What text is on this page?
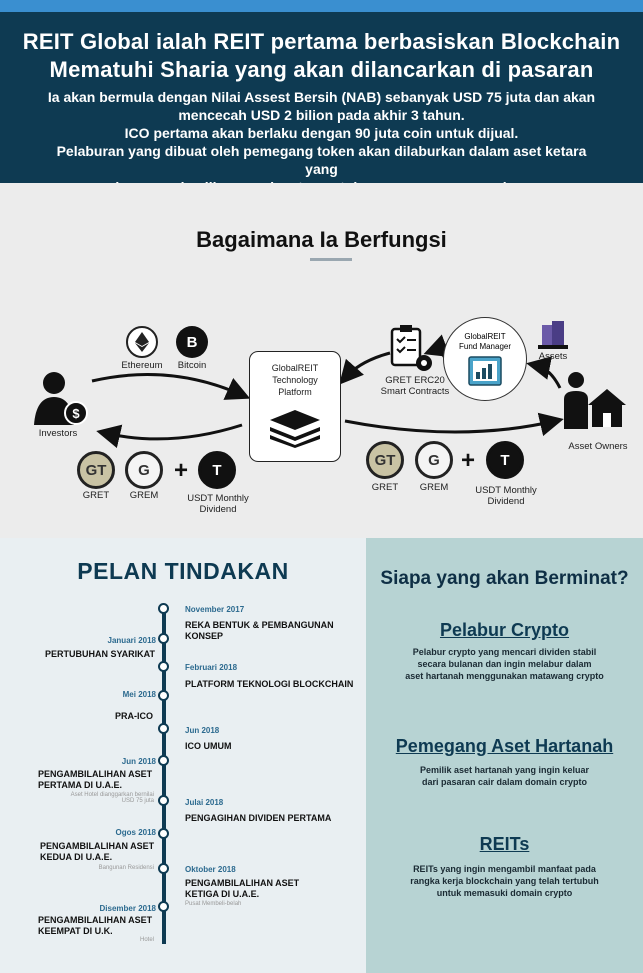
REIT Global ialah REIT pertama berbasiskan Blockchain
Mematuhi Sharia yang akan dilancarkan di pasaran
Ia akan bermula dengan Nilai Assest Bersih (NAB) sebanyak USD 75 juta dan akan
mencecah USD 2 bilion pada akhir 3 tahun.
ICO pertama akan berlaku dengan 90 juta coin untuk dijual.
Pelaburan yang dibuat oleh pemegang token akan dilaburkan dalam aset ketara yang
Bagaimana Ia Berfungsi
Ethereum
B
Bitcoin
$
Investors
GlobalREIT
Technology
Platform
GRET ERC20
Smart Contracts
GlobalREIT
Fund Manager
Assets
Asset Owners
GT
GRET
G
GREM
+	T
USDT Monthly
Dividend
GT
GRET
G
GREM
+	T
USDT Monthly
Dividend
PELAN TINDAKAN
November 2017
REKA BENTUK & PEMBANGUNAN
KONSEP
Januari 2018
PERTUBUHAN SYARIKAT
Februari 2018
PLATFORM TEKNOLOGI BLOCKCHAIN
Mei 2018
PRA-ICO
Jun 2018
ICO UMUM
Jun 2018
PENGAMBILALIHAN ASET
PERTAMA DI U.A.E.
Aset Hotel dianggarkan bernilai
USD 75 juta	Julai 2018
PENGAGIHAN DIVIDEN PERTAMA
Ogos 2018
PENGAMBILALIHAN ASET
KEDUA DI U.A.E.
Bangunan Residensi	Oktober 2018
PENGAMBILALIHAN ASET
KETIGA DI U.A.E.
Pusat Membeli-belah
Disember 2018
PENGAMBILALIHAN ASET
KEEMPAT DI U.K.
Hotel
Siapa yang akan Berminat?
Pelabur Crypto
Pelabur crypto yang mencari dividen stabil
secara bulanan dan ingin melabur dalam
aset hartanah menggunakan matawang crypto
Pemegang Aset Hartanah
Pemilik aset hartanah yang ingin keluar
dari pasaran cair dalam domain crypto
REITs
REITs yang ingin mengambil manfaat pada
rangka kerja blockchain yang telah tertubuh
untuk memasuki domain crypto
